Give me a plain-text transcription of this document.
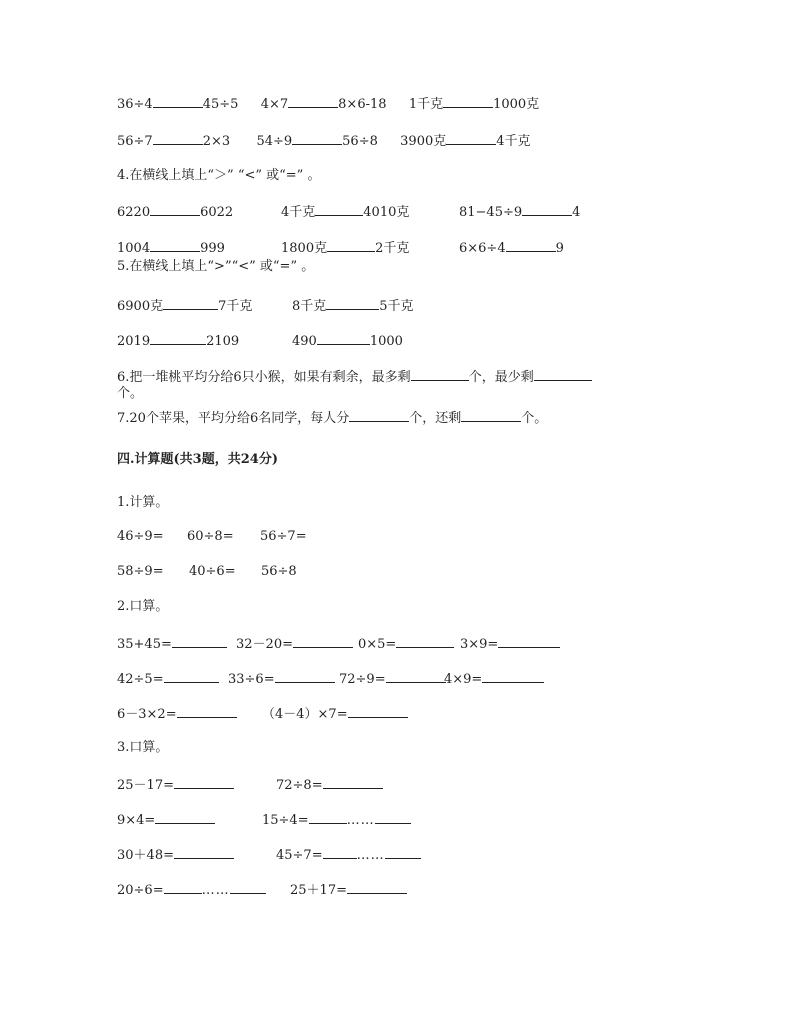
36÷4	45÷5 4×7	8×6-18 1千克	1000克
56÷7	2×3 54÷9	56÷8 3900克	4千克
4.在横线上填上“＞” “<” 或“=” 。
6220	6022	4千克	4010克	81−45÷9	4
1004	999	1800克	2千克	6×6÷4	9
5.在横线上填上“>”“<” 或“=” 。
6900克	7千克	8千克	5千克
2019	2109	490	1000
6.把一堆桃平均分给6只小猴，如果有剩余，最多剩	个，最少剩
个。
7.20个苹果，平均分给6名同学，每人分	个，还剩	个。
四.计算题(共3题，共24分)
1.计算。
46÷9= 60÷8= 56÷7=
58÷9= 40÷6= 56÷8
2.口算。
35+45=	32－20=	0×5=	3×9=
42÷5=	33÷6=	72÷9=	4×9=
6－3×2=	（4－4）×7=
3.口算。
25－17=	72÷8=
9×4=	15÷4=	……
30＋48=	45÷7=	……
20÷6=	……	25＋17=
